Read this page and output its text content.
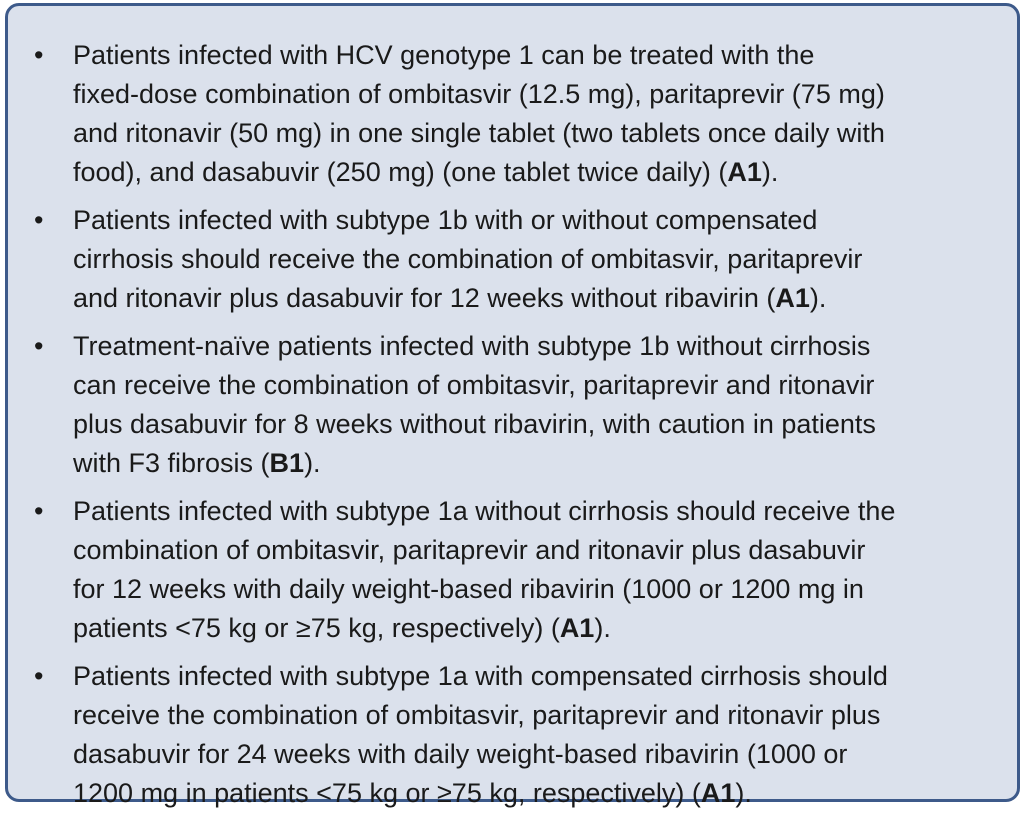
• Patients infected with HCV genotype 1 can be treated with the
fixed-dose combination of ombitasvir (12.5 mg), paritaprevir (75 mg)
and ritonavir (50 mg) in one single tablet (two tablets once daily with
food), and dasabuvir (250 mg) (one tablet twice daily) (A1).
• Patients infected with subtype 1b with or without compensated
cirrhosis should receive the combination of ombitasvir, paritaprevir
and ritonavir plus dasabuvir for 12 weeks without ribavirin (A1).
• Treatment-naïve patients infected with subtype 1b without cirrhosis
can receive the combination of ombitasvir, paritaprevir and ritonavir
plus dasabuvir for 8 weeks without ribavirin, with caution in patients
with F3 fibrosis (B1).
• Patients infected with subtype 1a without cirrhosis should receive the
combination of ombitasvir, paritaprevir and ritonavir plus dasabuvir
for 12 weeks with daily weight-based ribavirin (1000 or 1200 mg in
patients <75 kg or ≥75 kg, respectively) (A1).
• Patients infected with subtype 1a with compensated cirrhosis should
receive the combination of ombitasvir, paritaprevir and ritonavir plus
dasabuvir for 24 weeks with daily weight-based ribavirin (1000 or
1200 mg in patients <75 kg or ≥75 kg, respectively) (A1).
